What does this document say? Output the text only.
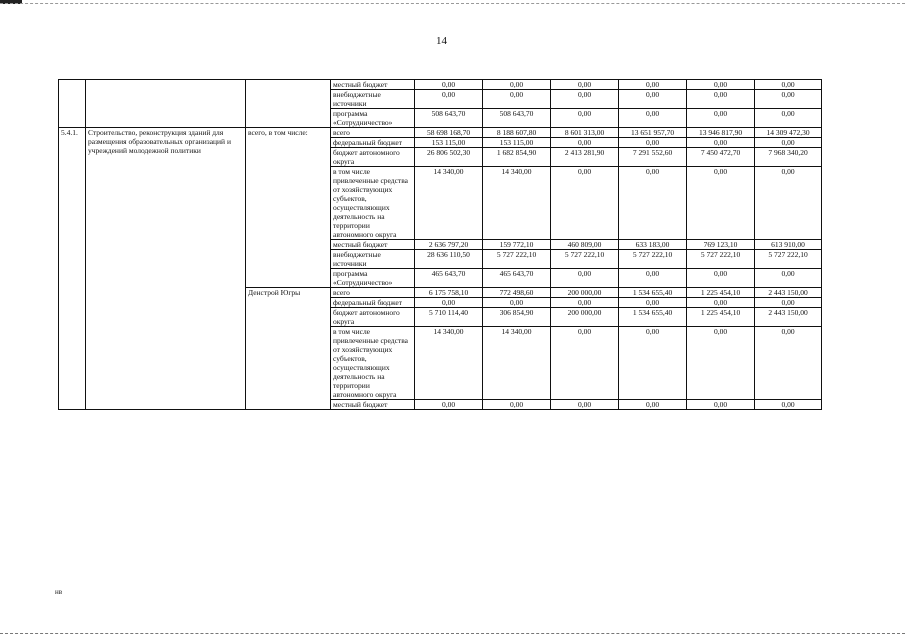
14
			местный бюджет	0,00	0,00	0,00	0,00	0,00	0,00
			внебюджетные источники	0,00	0,00	0,00	0,00	0,00	0,00
			программа «Сотрудничество»	508 643,70	508 643,70	0,00	0,00	0,00	0,00
5.4.1.	Строительство, реконструкция зданий для размещения образовательных организаций и учреждений молодежной политики	всего, в том числе:	всего	58 698 168,70	8 188 607,80	8 601 313,00	13 651 957,70	13 946 817,90	14 309 472,30
			федеральный бюджет	153 115,00	153 115,00	0,00	0,00	0,00	0,00
			бюджет автономного округа	26 806 502,30	1 682 854,90	2 413 281,90	7 291 552,60	7 450 472,70	7 968 340,20
			в том числе привлеченные средства от хозяйствующих субъектов, осуществляющих деятельность на территории автономного округа	14 340,00	14 340,00	0,00	0,00	0,00	0,00
			местный бюджет	2 636 797,20	159 772,10	460 809,00	633 183,00	769 123,10	613 910,00
			внебюджетные источники	28 636 110,50	5 727 222,10	5 727 222,10	5 727 222,10	5 727 222,10	5 727 222,10
			программа «Сотрудничество»	465 643,70	465 643,70	0,00	0,00	0,00	0,00
		Денстрой Югры	всего	6 175 758,10	772 498,60	200 000,00	1 534 655,40	1 225 454,10	2 443 150,00
			федеральный бюджет	0,00	0,00	0,00	0,00	0,00	0,00
			бюджет автономного округа	5 710 114,40	306 854,90	200 000,00	1 534 655,40	1 225 454,10	2 443 150,00
			в том числе привлеченные средства от хозяйствующих субъектов, осуществляющих деятельность на территории автономного округа	14 340,00	14 340,00	0,00	0,00	0,00	0,00
			местный бюджет	0,00	0,00	0,00	0,00	0,00	0,00
нв
